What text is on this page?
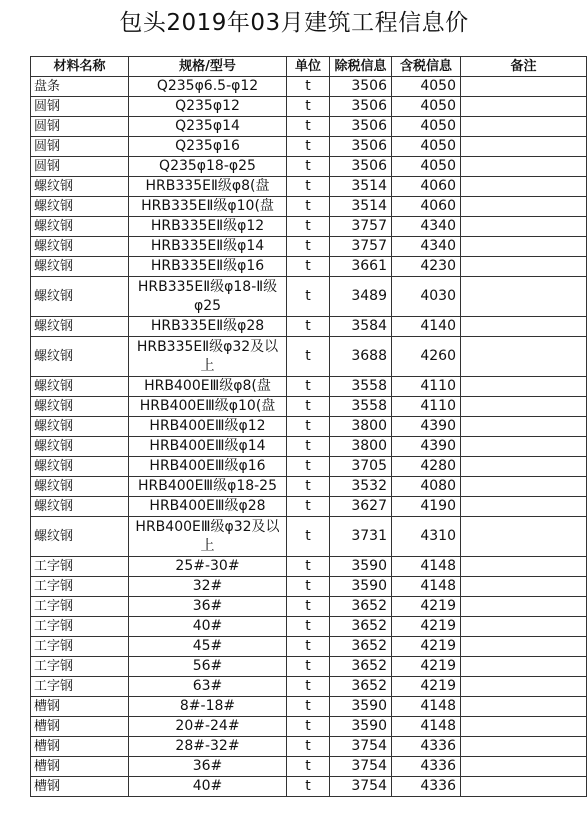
包头2019年03月建筑工程信息价
材料名称	规格/型号	单位	除税信息	含税信息	备注
盘条	Q235φ6.5-φ12	t	3506	4050	
圆钢	Q235φ12	t	3506	4050	
圆钢	Q235φ14	t	3506	4050	
圆钢	Q235φ16	t	3506	4050	
圆钢	Q235φ18-φ25	t	3506	4050	
螺纹钢	HRB335EⅡ级φ8(盘	t	3514	4060	
螺纹钢	HRB335EⅡ级φ10(盘	t	3514	4060	
螺纹钢	HRB335EⅡ级φ12	t	3757	4340	
螺纹钢	HRB335EⅡ级φ14	t	3757	4340	
螺纹钢	HRB335EⅡ级φ16	t	3661	4230	
螺纹钢	HRB335EⅡ级φ18-Ⅱ级φ25	t	3489	4030	
螺纹钢	HRB335EⅡ级φ28	t	3584	4140	
螺纹钢	HRB335EⅡ级φ32及以上	t	3688	4260	
螺纹钢	HRB400EⅢ级φ8(盘	t	3558	4110	
螺纹钢	HRB400EⅢ级φ10(盘	t	3558	4110	
螺纹钢	HRB400EⅢ级φ12	t	3800	4390	
螺纹钢	HRB400EⅢ级φ14	t	3800	4390	
螺纹钢	HRB400EⅢ级φ16	t	3705	4280	
螺纹钢	HRB400EⅢ级φ18-25	t	3532	4080	
螺纹钢	HRB400EⅢ级φ28	t	3627	4190	
螺纹钢	HRB400EⅢ级φ32及以上	t	3731	4310	
工字钢	25#-30#	t	3590	4148	
工字钢	32#	t	3590	4148	
工字钢	36#	t	3652	4219	
工字钢	40#	t	3652	4219	
工字钢	45#	t	3652	4219	
工字钢	56#	t	3652	4219	
工字钢	63#	t	3652	4219	
槽钢	8#-18#	t	3590	4148	
槽钢	20#-24#	t	3590	4148	
槽钢	28#-32#	t	3754	4336	
槽钢	36#	t	3754	4336	
槽钢	40#	t	3754	4336	
